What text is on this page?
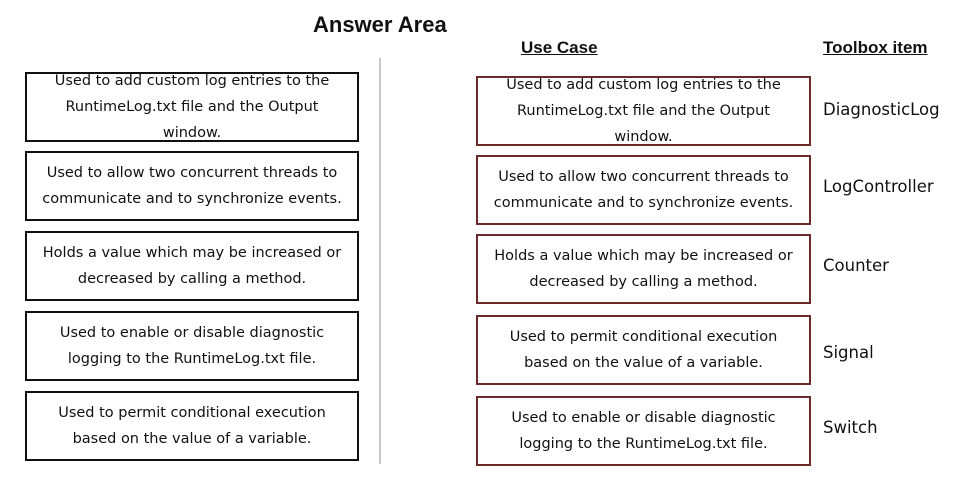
Answer Area
Use Case	Toolbox item
Used to add custom log entries to the RuntimeLog.txt file and the Output window.
Used to allow two concurrent threads to communicate and to synchronize events.
Holds a value which may be increased or decreased by calling a method.
Used to enable or disable diagnostic logging to the RuntimeLog.txt file.
Used to permit conditional execution based on the value of a variable.
Used to add custom log entries to the RuntimeLog.txt file and the Output window.
Used to allow two concurrent threads to communicate and to synchronize events.
Holds a value which may be increased or decreased by calling a method.
Used to permit conditional execution based on the value of a variable.
Used to enable or disable diagnostic logging to the RuntimeLog.txt file.
DiagnosticLog
LogController
Counter
Signal
Switch
